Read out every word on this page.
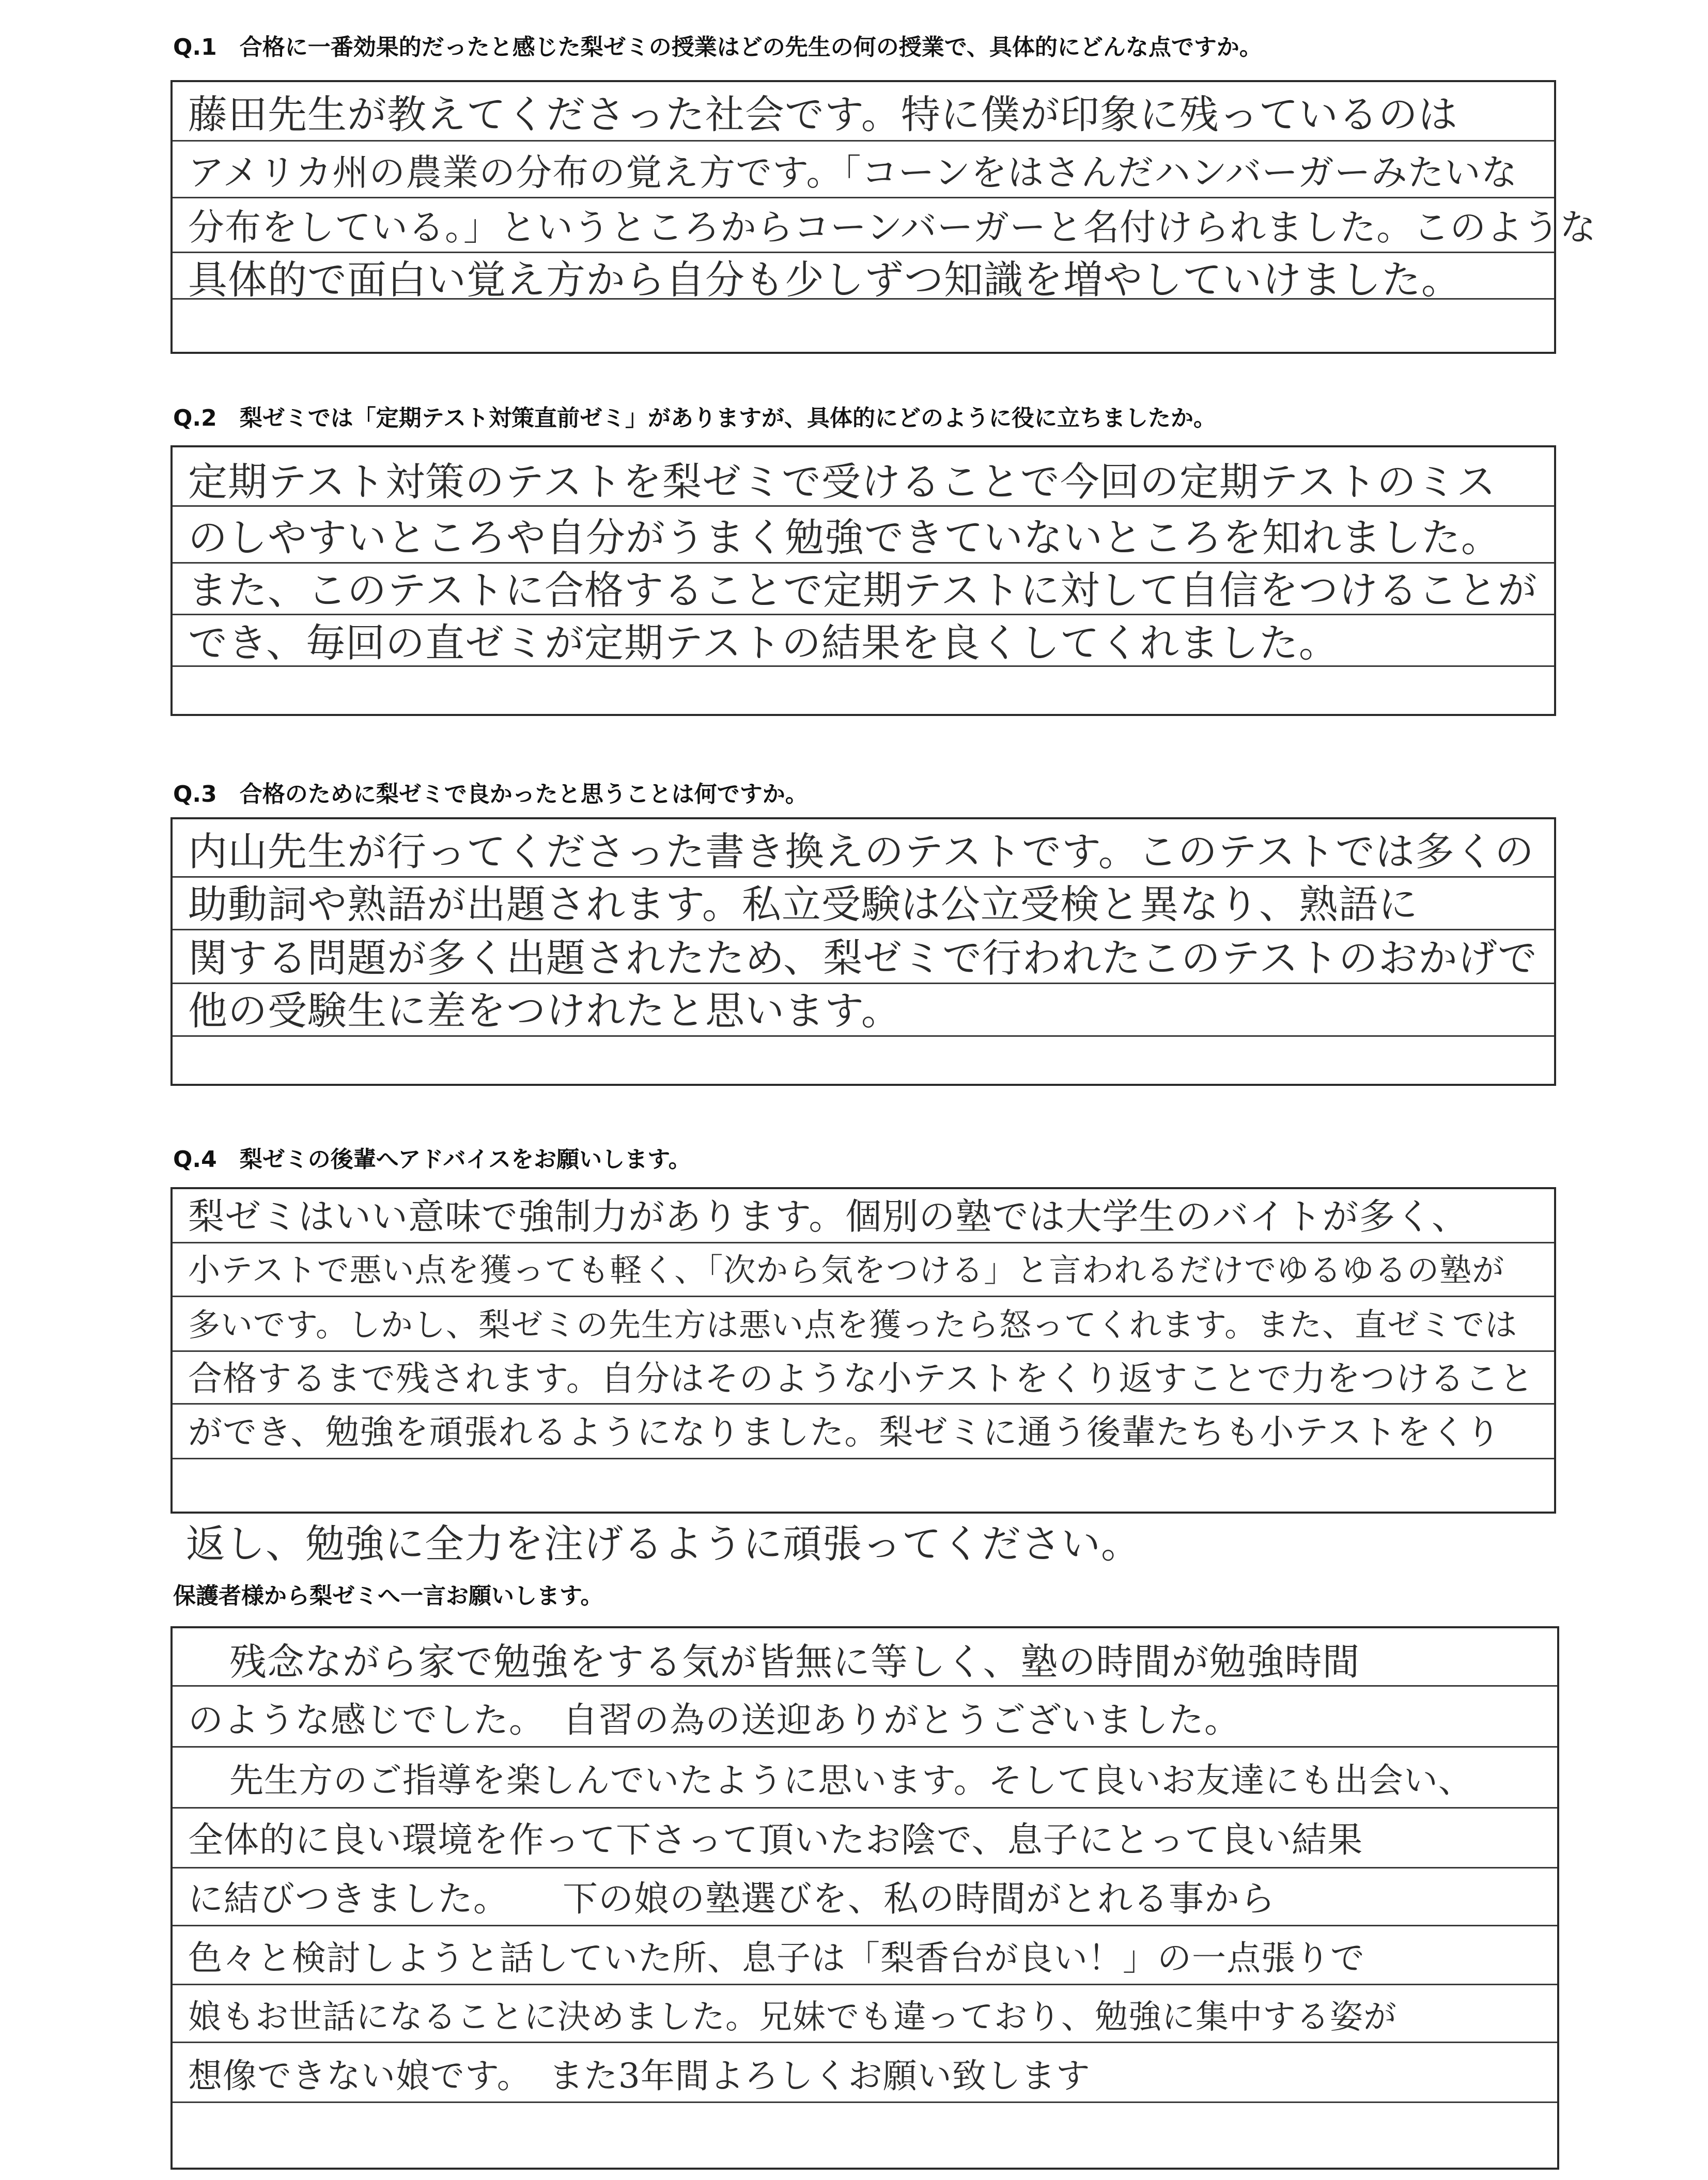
Q.1　合格に一番効果的だったと感じた梨ゼミの授業はどの先生の何の授業で、具体的にどんな点ですか。
藤田先生が教えてくださった社会です。特に僕が印象に残っているのは
アメリカ州の農業の分布の覚え方です。「コーンをはさんだハンバーガーみたいな
分布をしている。」というところからコーンバーガーと名付けられました。このような
具体的で面白い覚え方から自分も少しずつ知識を増やしていけました。
Q.2　梨ゼミでは「定期テスト対策直前ゼミ」がありますが、具体的にどのように役に立ちましたか。
定期テスト対策のテストを梨ゼミで受けることで今回の定期テストのミス
のしやすいところや自分がうまく勉強できていないところを知れました。
また、このテストに合格することで定期テストに対して自信をつけることが
でき、毎回の直ゼミが定期テストの結果を良くしてくれました。
Q.3　合格のために梨ゼミで良かったと思うことは何ですか。
内山先生が行ってくださった書き換えのテストです。このテストでは多くの
助動詞や熟語が出題されます。私立受験は公立受検と異なり、熟語に
関する問題が多く出題されたため、梨ゼミで行われたこのテストのおかげで
他の受験生に差をつけれたと思います。
Q.4　梨ゼミの後輩へアドバイスをお願いします。
梨ゼミはいい意味で強制力があります。個別の塾では大学生のバイトが多く、
小テストで悪い点を獲っても軽く、「次から気をつける」と言われるだけでゆるゆるの塾が
多いです。しかし、梨ゼミの先生方は悪い点を獲ったら怒ってくれます。また、直ゼミでは
合格するまで残されます。自分はそのような小テストをくり返すことで力をつけること
ができ、勉強を頑張れるようになりました。梨ゼミに通う後輩たちも小テストをくり
返し、勉強に全力を注げるように頑張ってください。
保護者様から梨ゼミへ一言お願いします。
残念ながら家で勉強をする気が皆無に等しく、塾の時間が勉強時間
のような感じでした。　自習の為の送迎ありがとうございました。
先生方のご指導を楽しんでいたように思います。そして良いお友達にも出会い、
全体的に良い環境を作って下さって頂いたお陰で、息子にとって良い結果
に結びつきました。　　下の娘の塾選びを、私の時間がとれる事から
色々と検討しようと話していた所、息子は「梨香台が良い！」の一点張りで
娘もお世話になることに決めました。兄妹でも違っており、勉強に集中する姿が
想像できない娘です。　また3年間よろしくお願い致します
